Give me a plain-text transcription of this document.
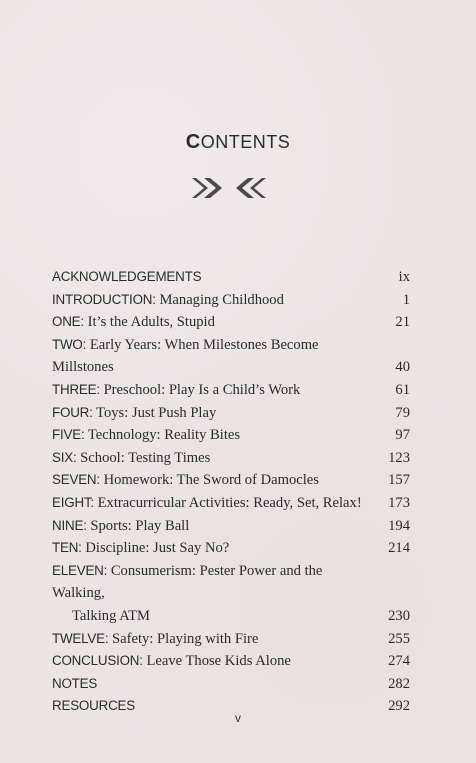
CONTENTS
ACKNOWLEDGEMENTS	ix
INTRODUCTION: Managing Childhood	1
ONE: It’s the Adults, Stupid	21
TWO: Early Years: When Milestones Become Millstones	40
THREE: Preschool: Play Is a Child’s Work	61
FOUR: Toys: Just Push Play	79
FIVE: Technology: Reality Bites	97
SIX: School: Testing Times	123
SEVEN: Homework: The Sword of Damocles	157
EIGHT: Extracurricular Activities: Ready, Set, Relax!	173
NINE: Sports: Play Ball	194
TEN: Discipline: Just Say No?	214
ELEVEN: Consumerism: Pester Power and the Walking,
Talking ATM	230
TWELVE: Safety: Playing with Fire	255
CONCLUSION: Leave Those Kids Alone	274
NOTES	282
RESOURCES	292
v
